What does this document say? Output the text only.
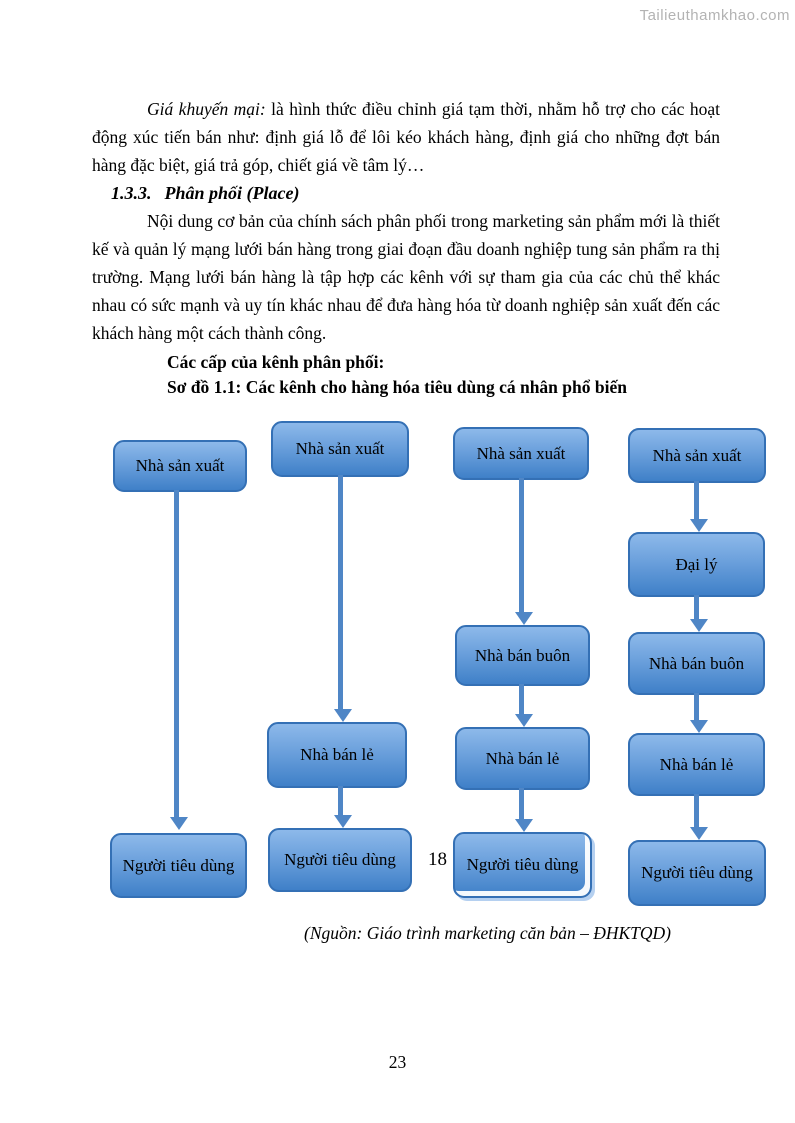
Tailieuthamkhao.com

Giá khuyến mại: là hình thức điều chỉnh giá tạm thời, nhằm hỗ trợ cho các hoạt động xúc tiến bán như: định giá lỗ để lôi kéo khách hàng, định giá cho những đợt bán hàng đặc biệt, giá trả góp, chiết giá về tâm lý…

1.3.3. Phân phối (Place)

Nội dung cơ bản của chính sách phân phối trong marketing sản phẩm mới là thiết kế và quản lý mạng lưới bán hàng trong giai đoạn đầu doanh nghiệp tung sản phẩm ra thị trường. Mạng lưới bán hàng là tập hợp các kênh với sự tham gia của các chủ thể khác nhau có sức mạnh và uy tín khác nhau để đưa hàng hóa từ doanh nghiệp sản xuất đến các khách hàng một cách thành công.

Các cấp của kênh phân phối:

Sơ đồ 1.1: Các kênh cho hàng hóa tiêu dùng cá nhân phổ biến

Nhà sản xuất
Người tiêu dùng
Nhà sản xuất
Nhà bán lẻ
Người tiêu dùng
Nhà sản xuất
Nhà bán buôn
Nhà bán lẻ
Người tiêu dùng
Nhà sản xuất
Đại lý
Nhà bán buôn
Nhà bán lẻ
Người tiêu dùng
18
(Nguồn: Giáo trình marketing căn bản – ĐHKTQD)
23
